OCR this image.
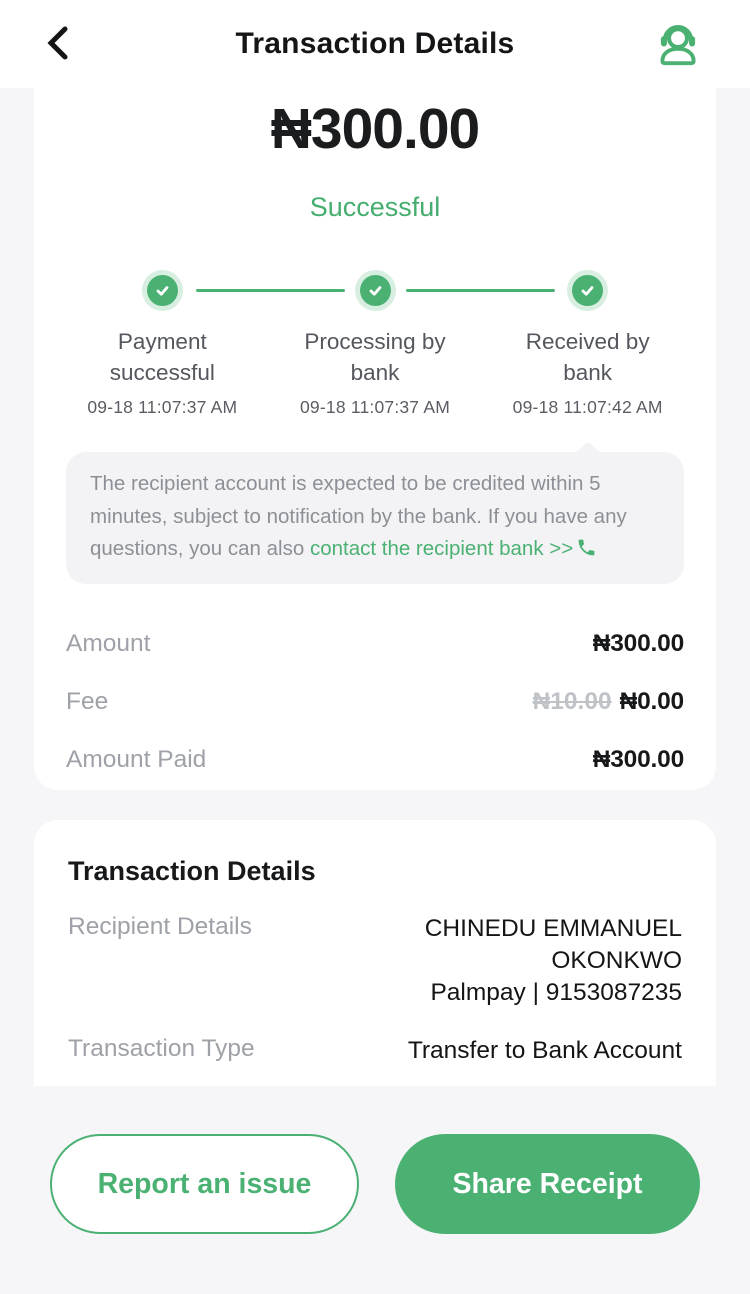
Transaction Details
₦300.00
Successful
Payment successful
09-18 11:07:37 AM
Processing by bank
09-18 11:07:37 AM
Received by bank
09-18 11:07:42 AM
The recipient account is expected to be credited within 5 minutes, subject to notification by the bank. If you have any questions, you can also contact the recipient bank >>
Amount	₦300.00
Fee	₦10.00 ₦0.00
Amount Paid	₦300.00
Transaction Details
Recipient Details	CHINEDU EMMANUEL OKONKWO
Palmpay | 9153087235
Transaction Type	Transfer to Bank Account
Report an issue	Share Receipt
